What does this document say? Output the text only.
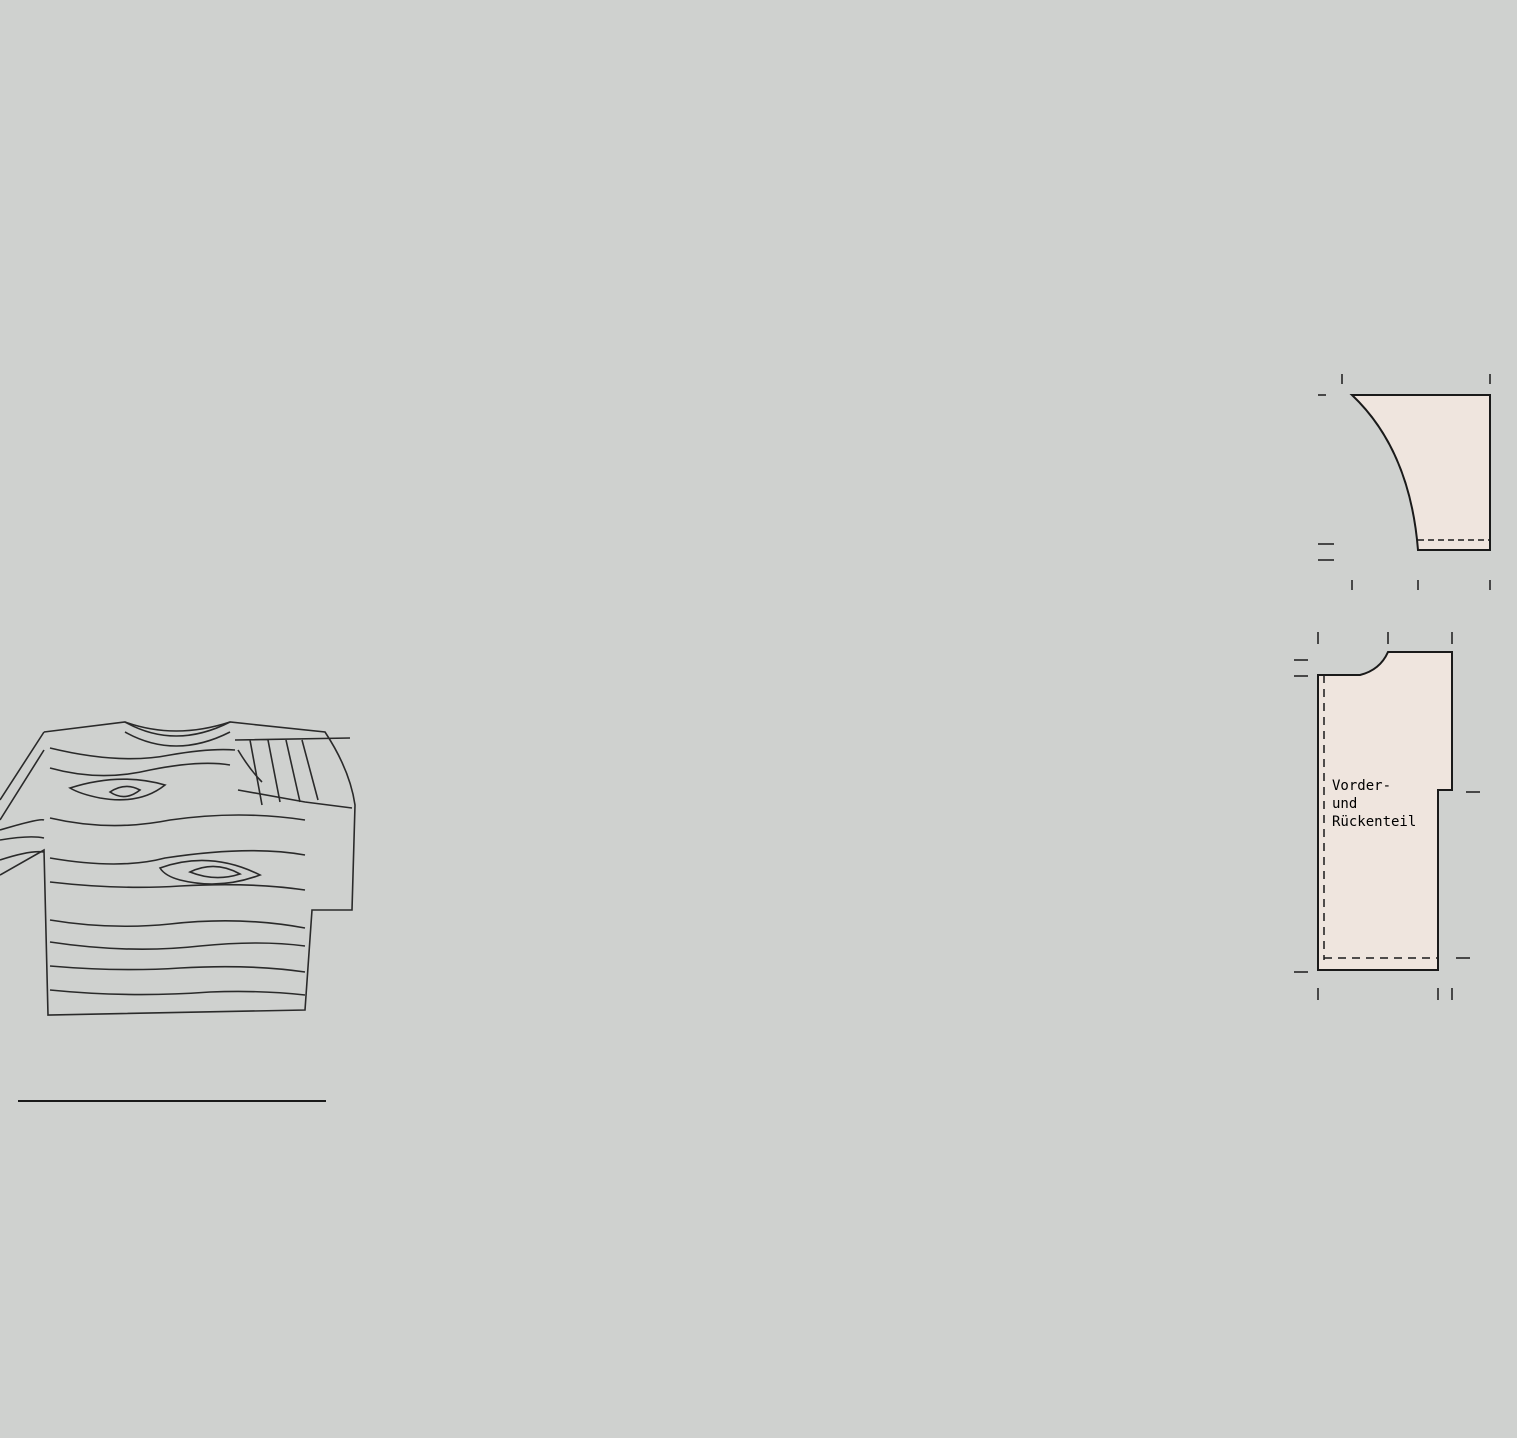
Vorder- und Rückenteil
